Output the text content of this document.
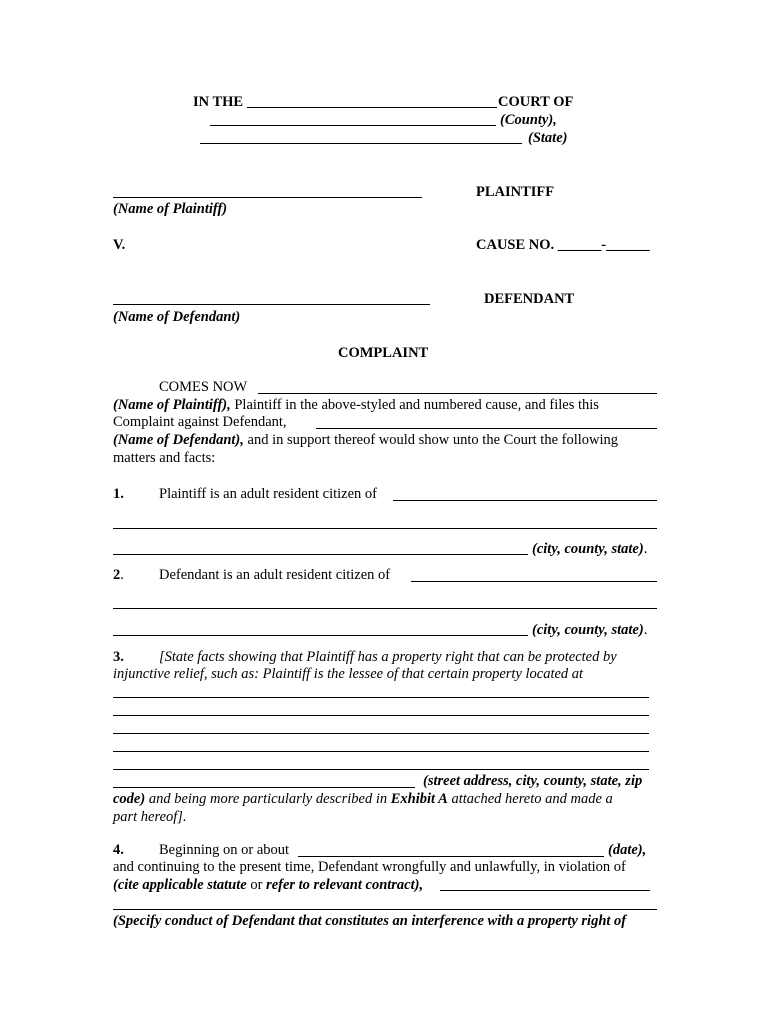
IN THE	COURT OF
(County),
(State)
PLAINTIFF
(Name of Plaintiff)
V.	CAUSE NO. ______-______
DEFENDANT
(Name of Defendant)
COMPLAINT
COMES NOW
(Name of Plaintiff), Plaintiff in the above-styled and numbered cause, and files this
Complaint against Defendant,
(Name of Defendant), and in support thereof would show unto the Court the following
matters and facts:
1. Plaintiff is an adult resident citizen of
(city, county, state).
2. Defendant is an adult resident citizen of
(city, county, state).
3. [State facts showing that Plaintiff has a property right that can be protected by
injunctive relief, such as: Plaintiff is the lessee of that certain property located at
(street address, city, county, state, zip
code) and being more particularly described in Exhibit A attached hereto and made a
part hereof].
4. Beginning on or about	(date),
and continuing to the present time, Defendant wrongfully and unlawfully, in violation of
(cite applicable statute or refer to relevant contract),
(Specify conduct of Defendant that constitutes an interference with a property right of
